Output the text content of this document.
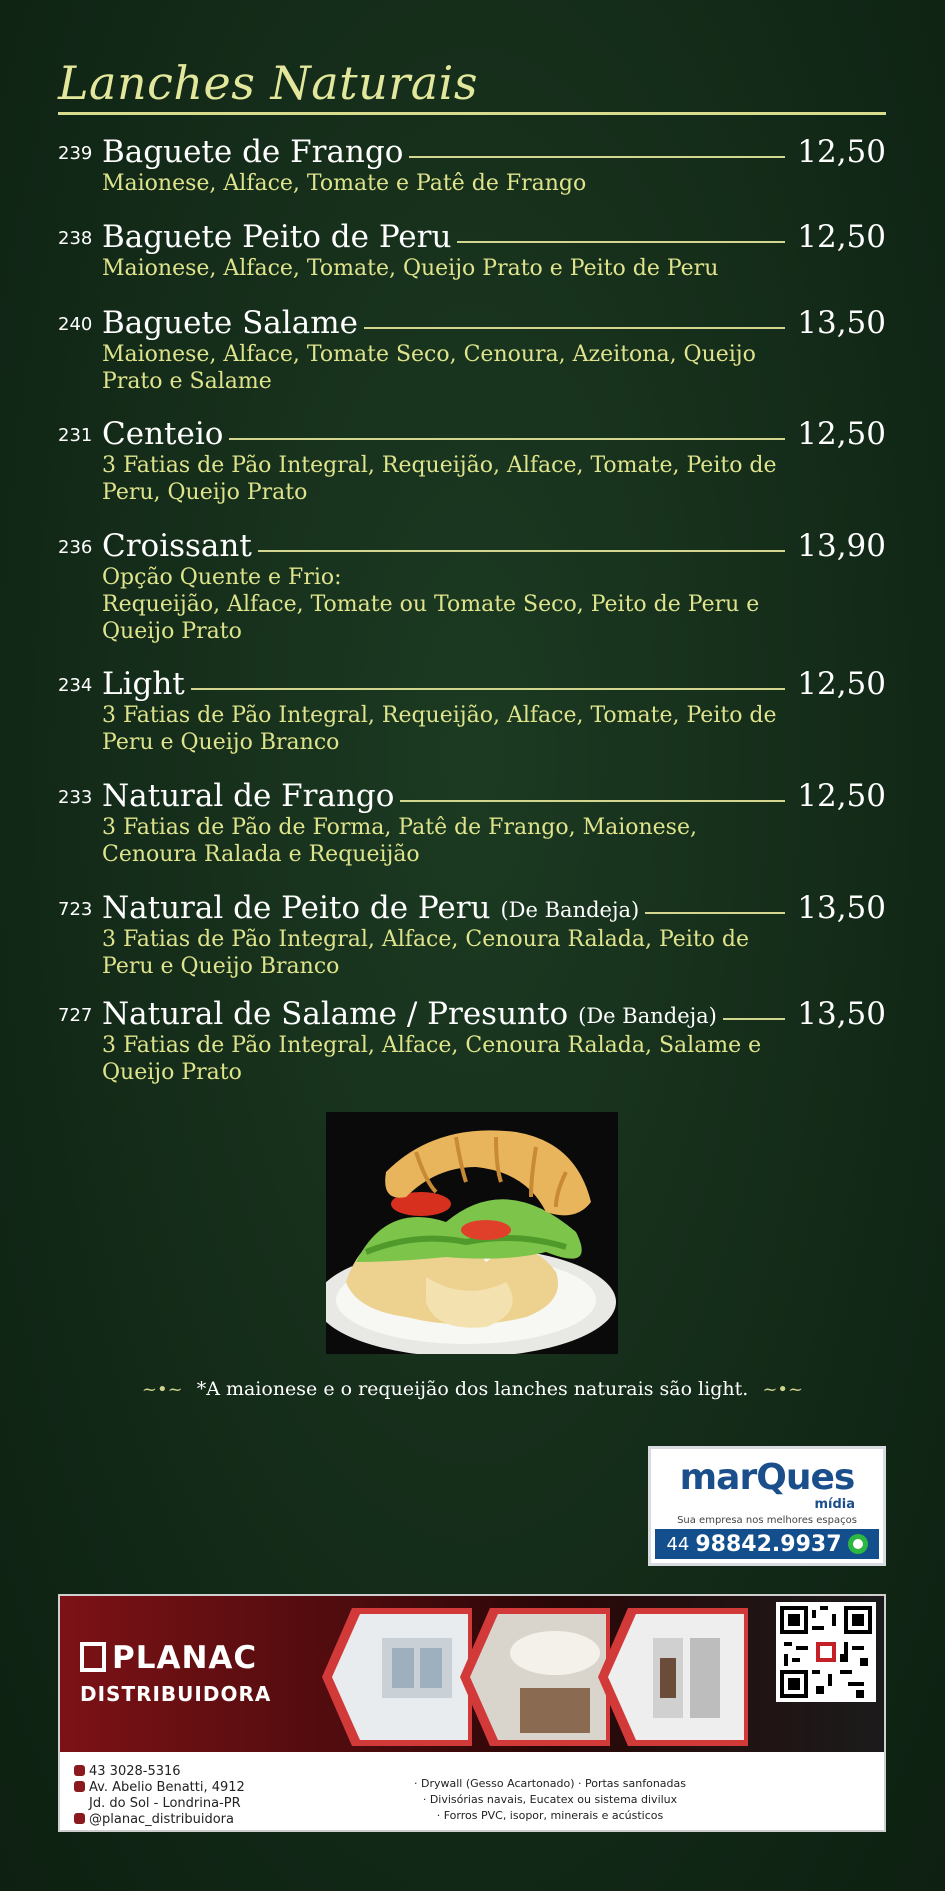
Lanches Naturais
239 Baguete de Frango	12,50
Maionese, Alface, Tomate e Patê de Frango
238 Baguete Peito de Peru	12,50
Maionese, Alface, Tomate, Queijo Prato e Peito de Peru
240 Baguete Salame	13,50
Maionese, Alface, Tomate Seco, Cenoura, Azeitona, Queijo
Prato e Salame
231 Centeio	12,50
3 Fatias de Pão Integral, Requeijão, Alface, Tomate, Peito de
Peru, Queijo Prato
236 Croissant	13,90
Opção Quente e Frio:
Requeijão, Alface, Tomate ou Tomate Seco, Peito de Peru e
Queijo Prato
234 Light	12,50
3 Fatias de Pão Integral, Requeijão, Alface, Tomate, Peito de
Peru e Queijo Branco
233 Natural de Frango	12,50
3 Fatias de Pão de Forma, Patê de Frango, Maionese,
Cenoura Ralada e Requeijão
723 Natural de Peito de Peru (De Bandeja)	13,50
3 Fatias de Pão Integral, Alface, Cenoura Ralada, Peito de
Peru e Queijo Branco
727 Natural de Salame / Presunto (De Bandeja)	13,50
3 Fatias de Pão Integral, Alface, Cenoura Ralada, Salame e
Queijo Prato
~•~ *A maionese e o requeijão dos lanches naturais são light. ~•~
marQues
mídia
Sua empresa nos melhores espaços
44 98842.9937
PLANAC
DISTRIBUIDORA
43 3028-5316
Av. Abelio Benatti, 4912
Jd. do Sol - Londrina-PR
@planac_distribuidora
· Drywall (Gesso Acartonado) · Portas sanfonadas
· Divisórias navais, Eucatex ou sistema divilux
· Forros PVC, isopor, minerais e acústicos
